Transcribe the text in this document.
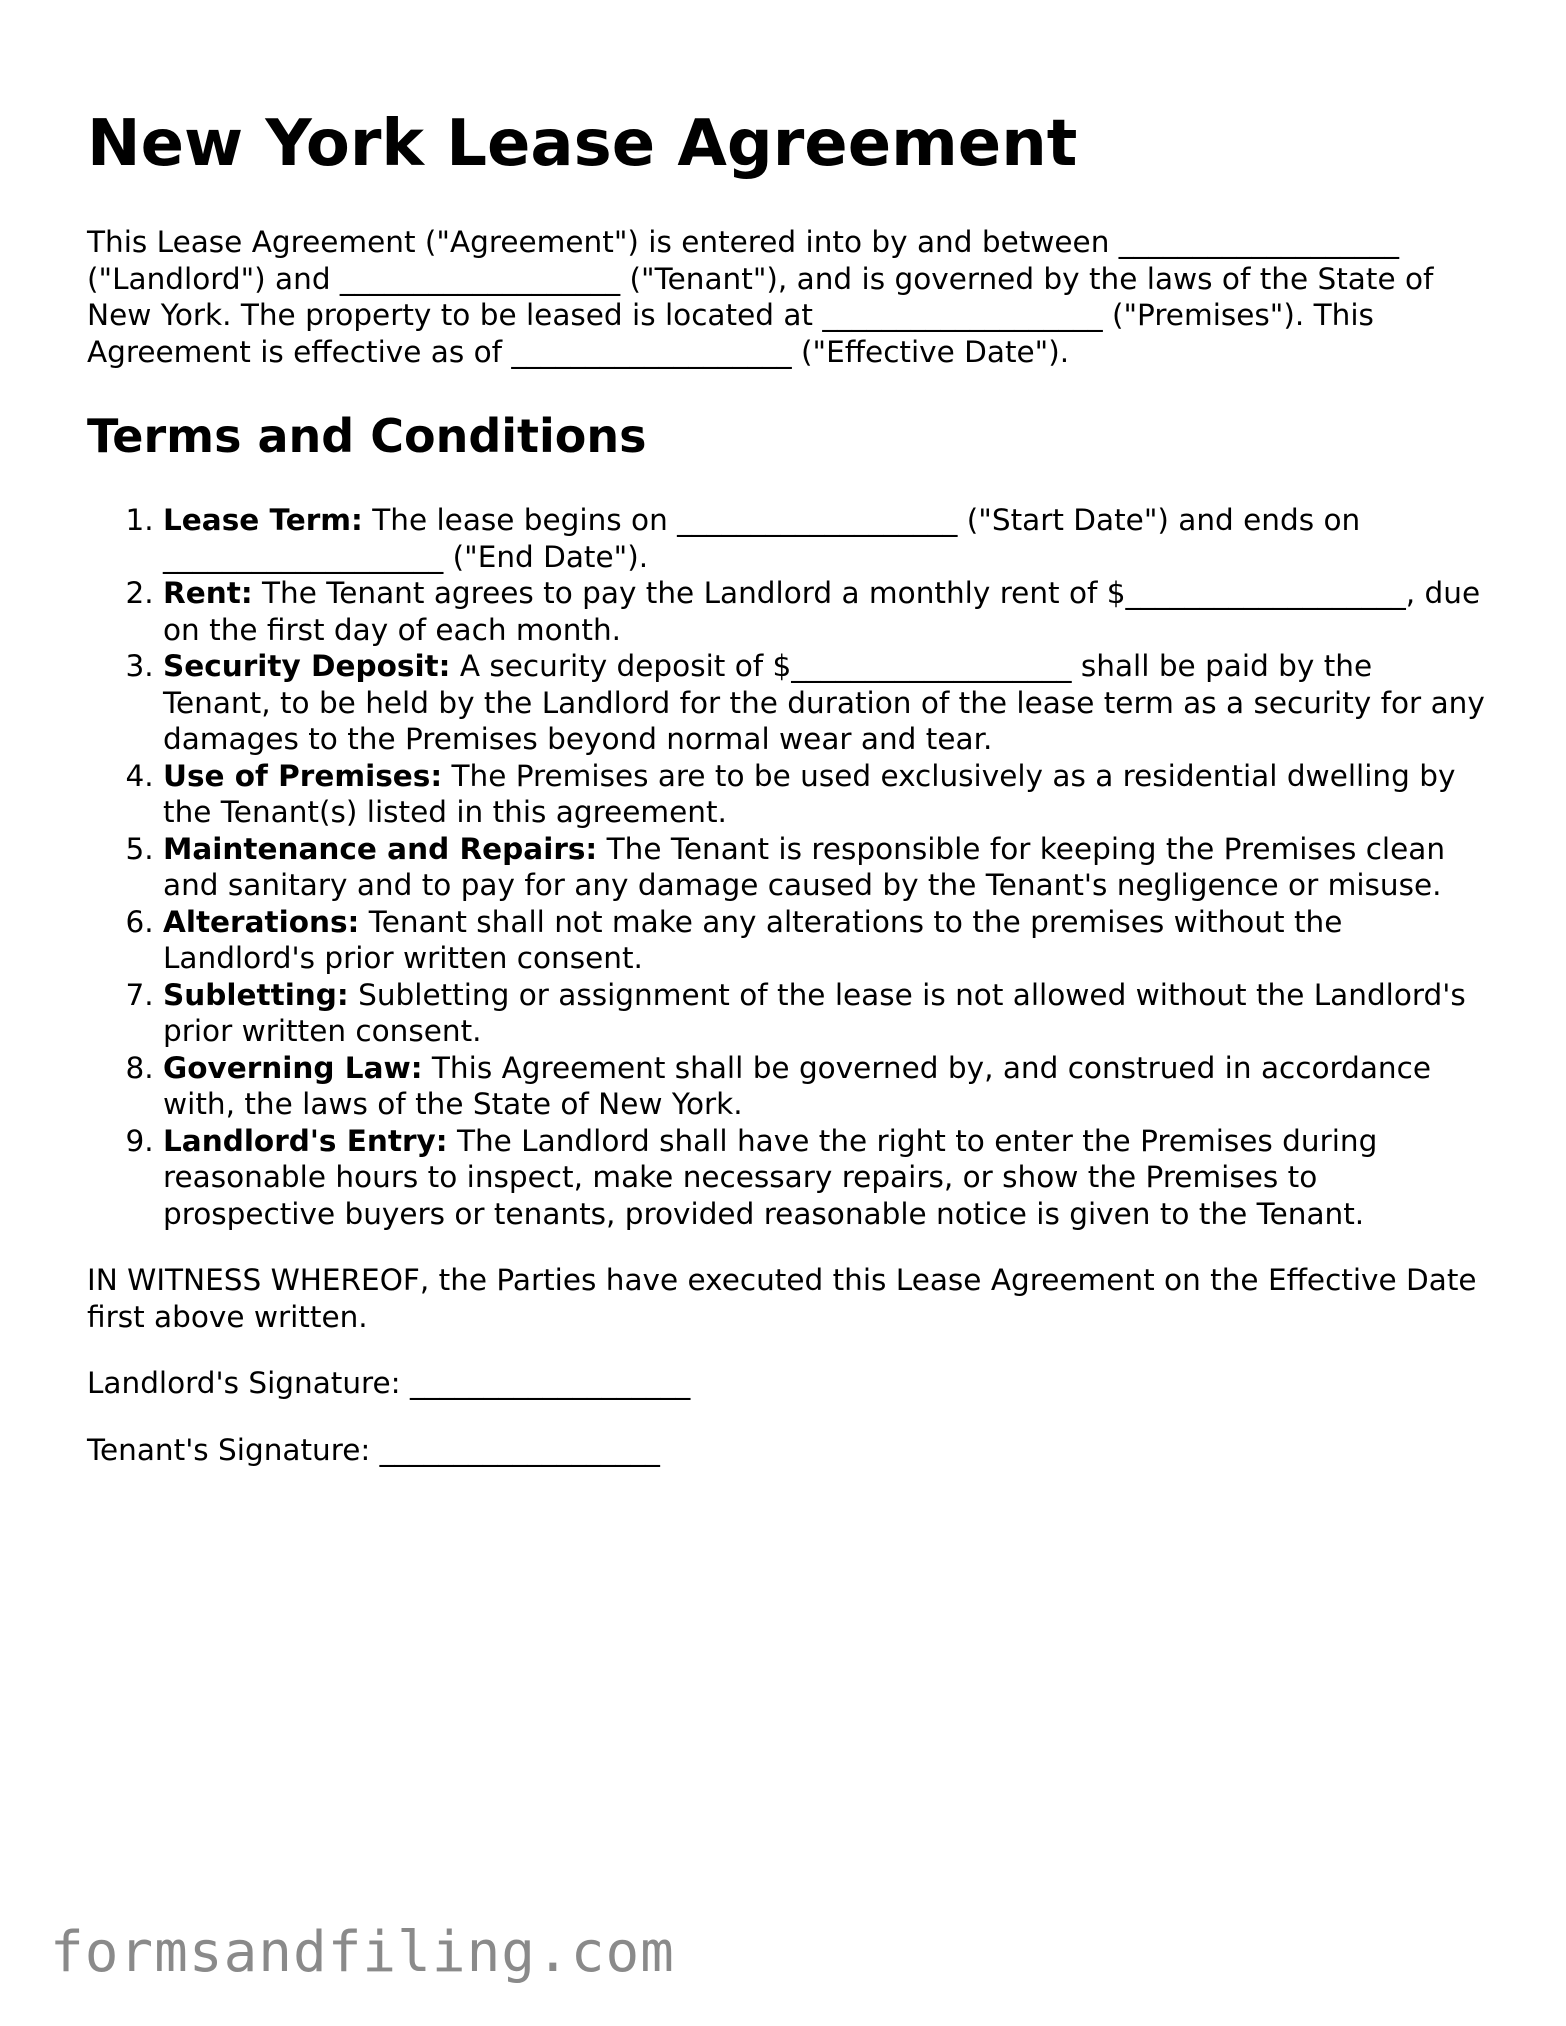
New York Lease Agreement

This Lease Agreement ("Agreement") is entered into by and between ___________________ ("Landlord") and ___________________ ("Tenant"), and is governed by the laws of the State of New York. The property to be leased is located at ___________________ ("Premises"). This Agreement is effective as of ___________________ ("Effective Date").

Terms and Conditions
1. Lease Term: The lease begins on ___________________ ("Start Date") and ends on ___________________ ("End Date").
2. Rent: The Tenant agrees to pay the Landlord a monthly rent of $___________________, due on the first day of each month.
3. Security Deposit: A security deposit of $___________________ shall be paid by the Tenant, to be held by the Landlord for the duration of the lease term as a security for any damages to the Premises beyond normal wear and tear.
4. Use of Premises: The Premises are to be used exclusively as a residential dwelling by the Tenant(s) listed in this agreement.
5. Maintenance and Repairs: The Tenant is responsible for keeping the Premises clean and sanitary and to pay for any damage caused by the Tenant's negligence or misuse.
6. Alterations: Tenant shall not make any alterations to the premises without the Landlord's prior written consent.
7. Subletting: Subletting or assignment of the lease is not allowed without the Landlord's prior written consent.
8. Governing Law: This Agreement shall be governed by, and construed in accordance with, the laws of the State of New York.
9. Landlord's Entry: The Landlord shall have the right to enter the Premises during reasonable hours to inspect, make necessary repairs, or show the Premises to prospective buyers or tenants, provided reasonable notice is given to the Tenant.

IN WITNESS WHEREOF, the Parties have executed this Lease Agreement on the Effective Date first above written.

Landlord's Signature: ___________________

Tenant's Signature: ___________________

formsandfiling.com
